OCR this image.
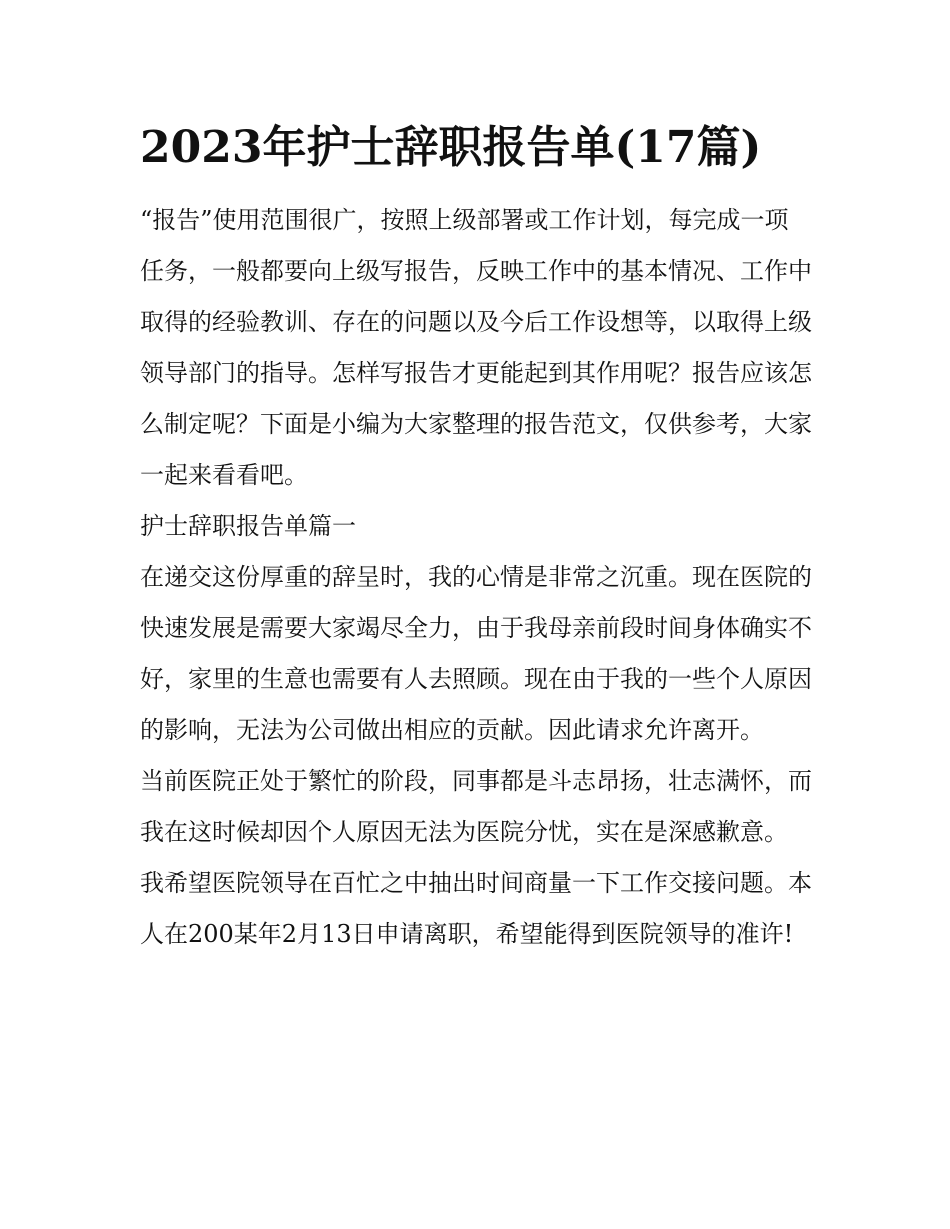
2023年护士辞职报告单(17篇)

“报告”使用范围很广，按照上级部署或工作计划，每完成一项任务，一般都要向上级写报告，反映工作中的基本情况、工作中取得的经验教训、存在的问题以及今后工作设想等，以取得上级领导部门的指导。怎样写报告才更能起到其作用呢？报告应该怎么制定呢？下面是小编为大家整理的报告范文，仅供参考，大家一起来看看吧。

护士辞职报告单篇一

在递交这份厚重的辞呈时，我的心情是非常之沉重。现在医院的快速发展是需要大家竭尽全力，由于我母亲前段时间身体确实不好，家里的生意也需要有人去照顾。现在由于我的一些个人原因的影响，无法为公司做出相应的贡献。因此请求允许离开。

当前医院正处于繁忙的阶段，同事都是斗志昂扬，壮志满怀，而我在这时候却因个人原因无法为医院分忧，实在是深感歉意。

我希望医院领导在百忙之中抽出时间商量一下工作交接问题。本人在200某年2月13日申请离职，希望能得到医院领导的准许!
